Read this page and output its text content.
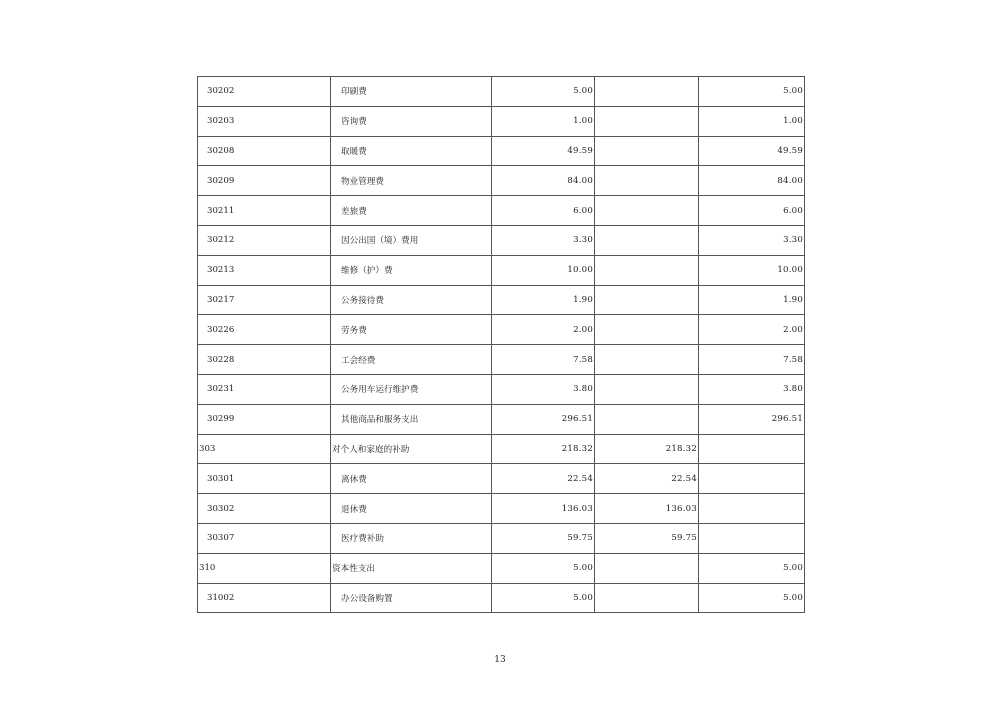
30202	印刷费	5.00		5.00
30203	咨询费	1.00		1.00
30208	取暖费	49.59		49.59
30209	物业管理费	84.00		84.00
30211	差旅费	6.00		6.00
30212	因公出国（境）费用	3.30		3.30
30213	维修（护）费	10.00		10.00
30217	公务接待费	1.90		1.90
30226	劳务费	2.00		2.00
30228	工会经费	7.58		7.58
30231	公务用车运行维护费	3.80		3.80
30299	其他商品和服务支出	296.51		296.51
303	对个人和家庭的补助	218.32	218.32	
30301	离休费	22.54	22.54	
30302	退休费	136.03	136.03	
30307	医疗费补助	59.75	59.75	
310	资本性支出	5.00		5.00
31002	办公设备购置	5.00		5.00
13
